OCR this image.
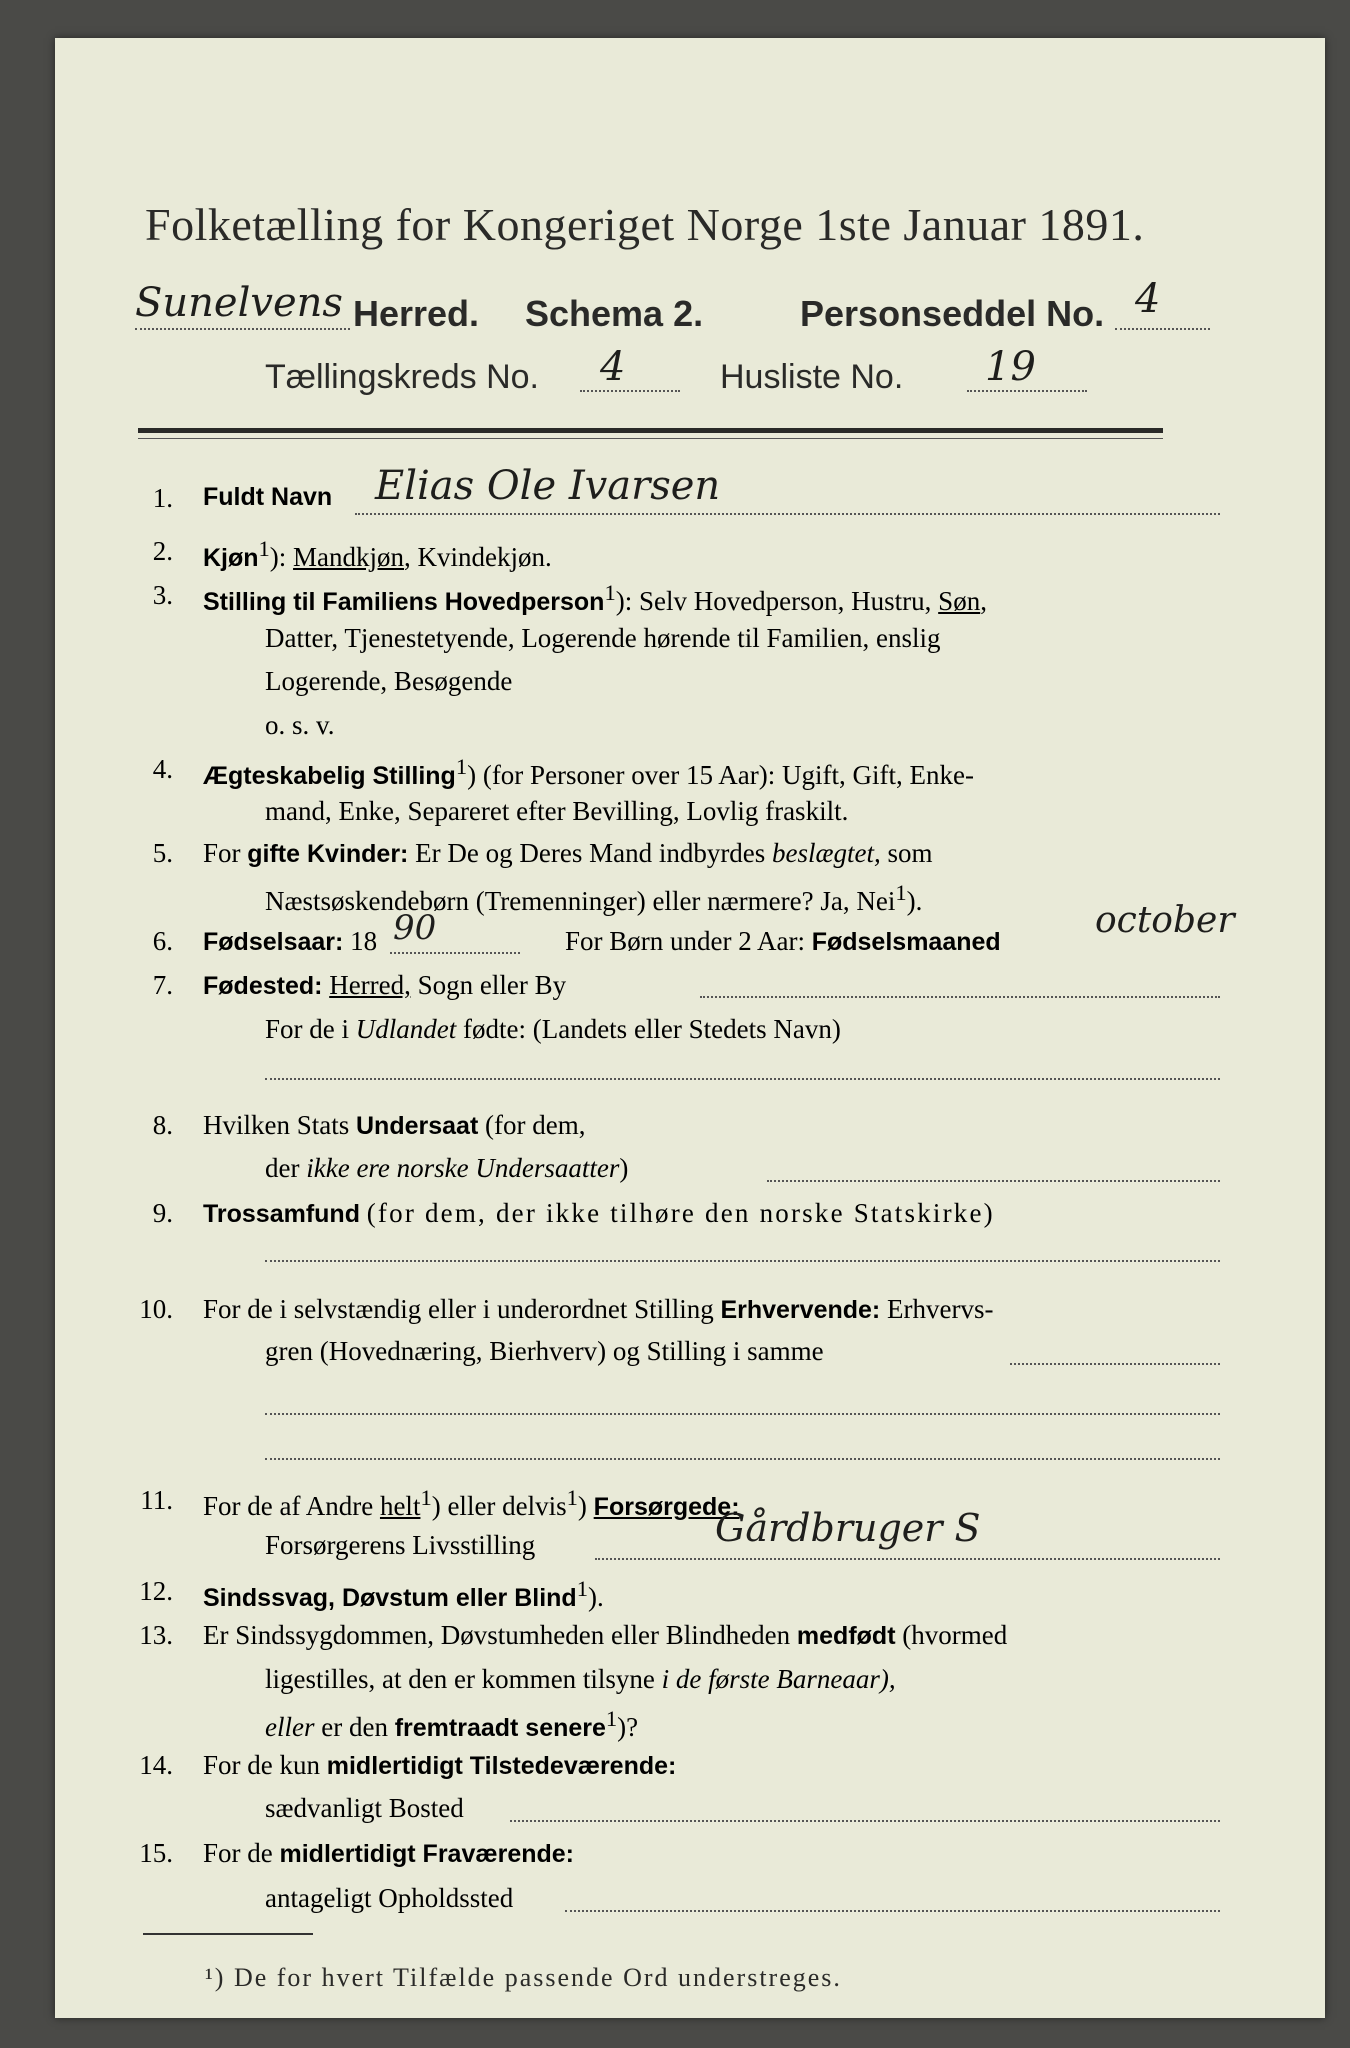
Folketælling for Kongeriget Norge 1ste Januar 1891.
Sunelvens Herred. Schema 2.	Personseddel No. 4
Tællingskreds No. 4	Husliste No. 19
1. Fuldt Navn Elias Ole Ivarsen
2. Kjøn$^1$): Mandkjøn, Kvindekjøn.
3. Stilling til Familiens Hovedperson$^1$): Selv Hovedperson, Hustru, Søn,
Datter, Tjenestetyende, Logerende hørende til Familien, enslig
Logerende, Besøgende
o. s. v.
4. Ægteskabelig Stilling$^1$) (for Personer over 15 Aar): Ugift, Gift, Enke-
mand, Enke, Separeret efter Bevilling, Lovlig fraskilt.
5. For gifte Kvinder: Er De og Deres Mand indbyrdes beslægtet, som
Næstsøskendebørn (Tremenninger) eller nærmere? Ja, Nei$^1$).
6. Fødselsaar: 18	For Børn under 2 Aar: Fødselsmaaned
90	october
7. Fødested: Herred, Sogn eller By
For de i Udlandet fødte: (Landets eller Stedets Navn)
8. Hvilken Stats Undersaat (for dem,
der ikke ere norske Undersaatter)
9. Trossamfund (for dem, der ikke tilhøre den norske Statskirke)
10. For de i selvstændig eller i underordnet Stilling Erhvervende: Erhvervs-
gren (Hovednæring, Bierhverv) og Stilling i samme
11. For de af Andre helt$^1$) eller delvis$^1$) Forsørgede:
Forsørgerens Livsstilling	Gårdbruger S
12. Sindssvag, Døvstum eller Blind$^1$).
13. Er Sindssygdommen, Døvstumheden eller Blindheden medfødt (hvormed
ligestilles, at den er kommen tilsyne i de første Barneaar),
eller er den fremtraadt senere$^1$)?
14. For de kun midlertidigt Tilstedeværende:
sædvanligt Bosted
15. For de midlertidigt Fraværende:
antageligt Opholdssted
¹) De for hvert Tilfælde passende Ord understreges.
